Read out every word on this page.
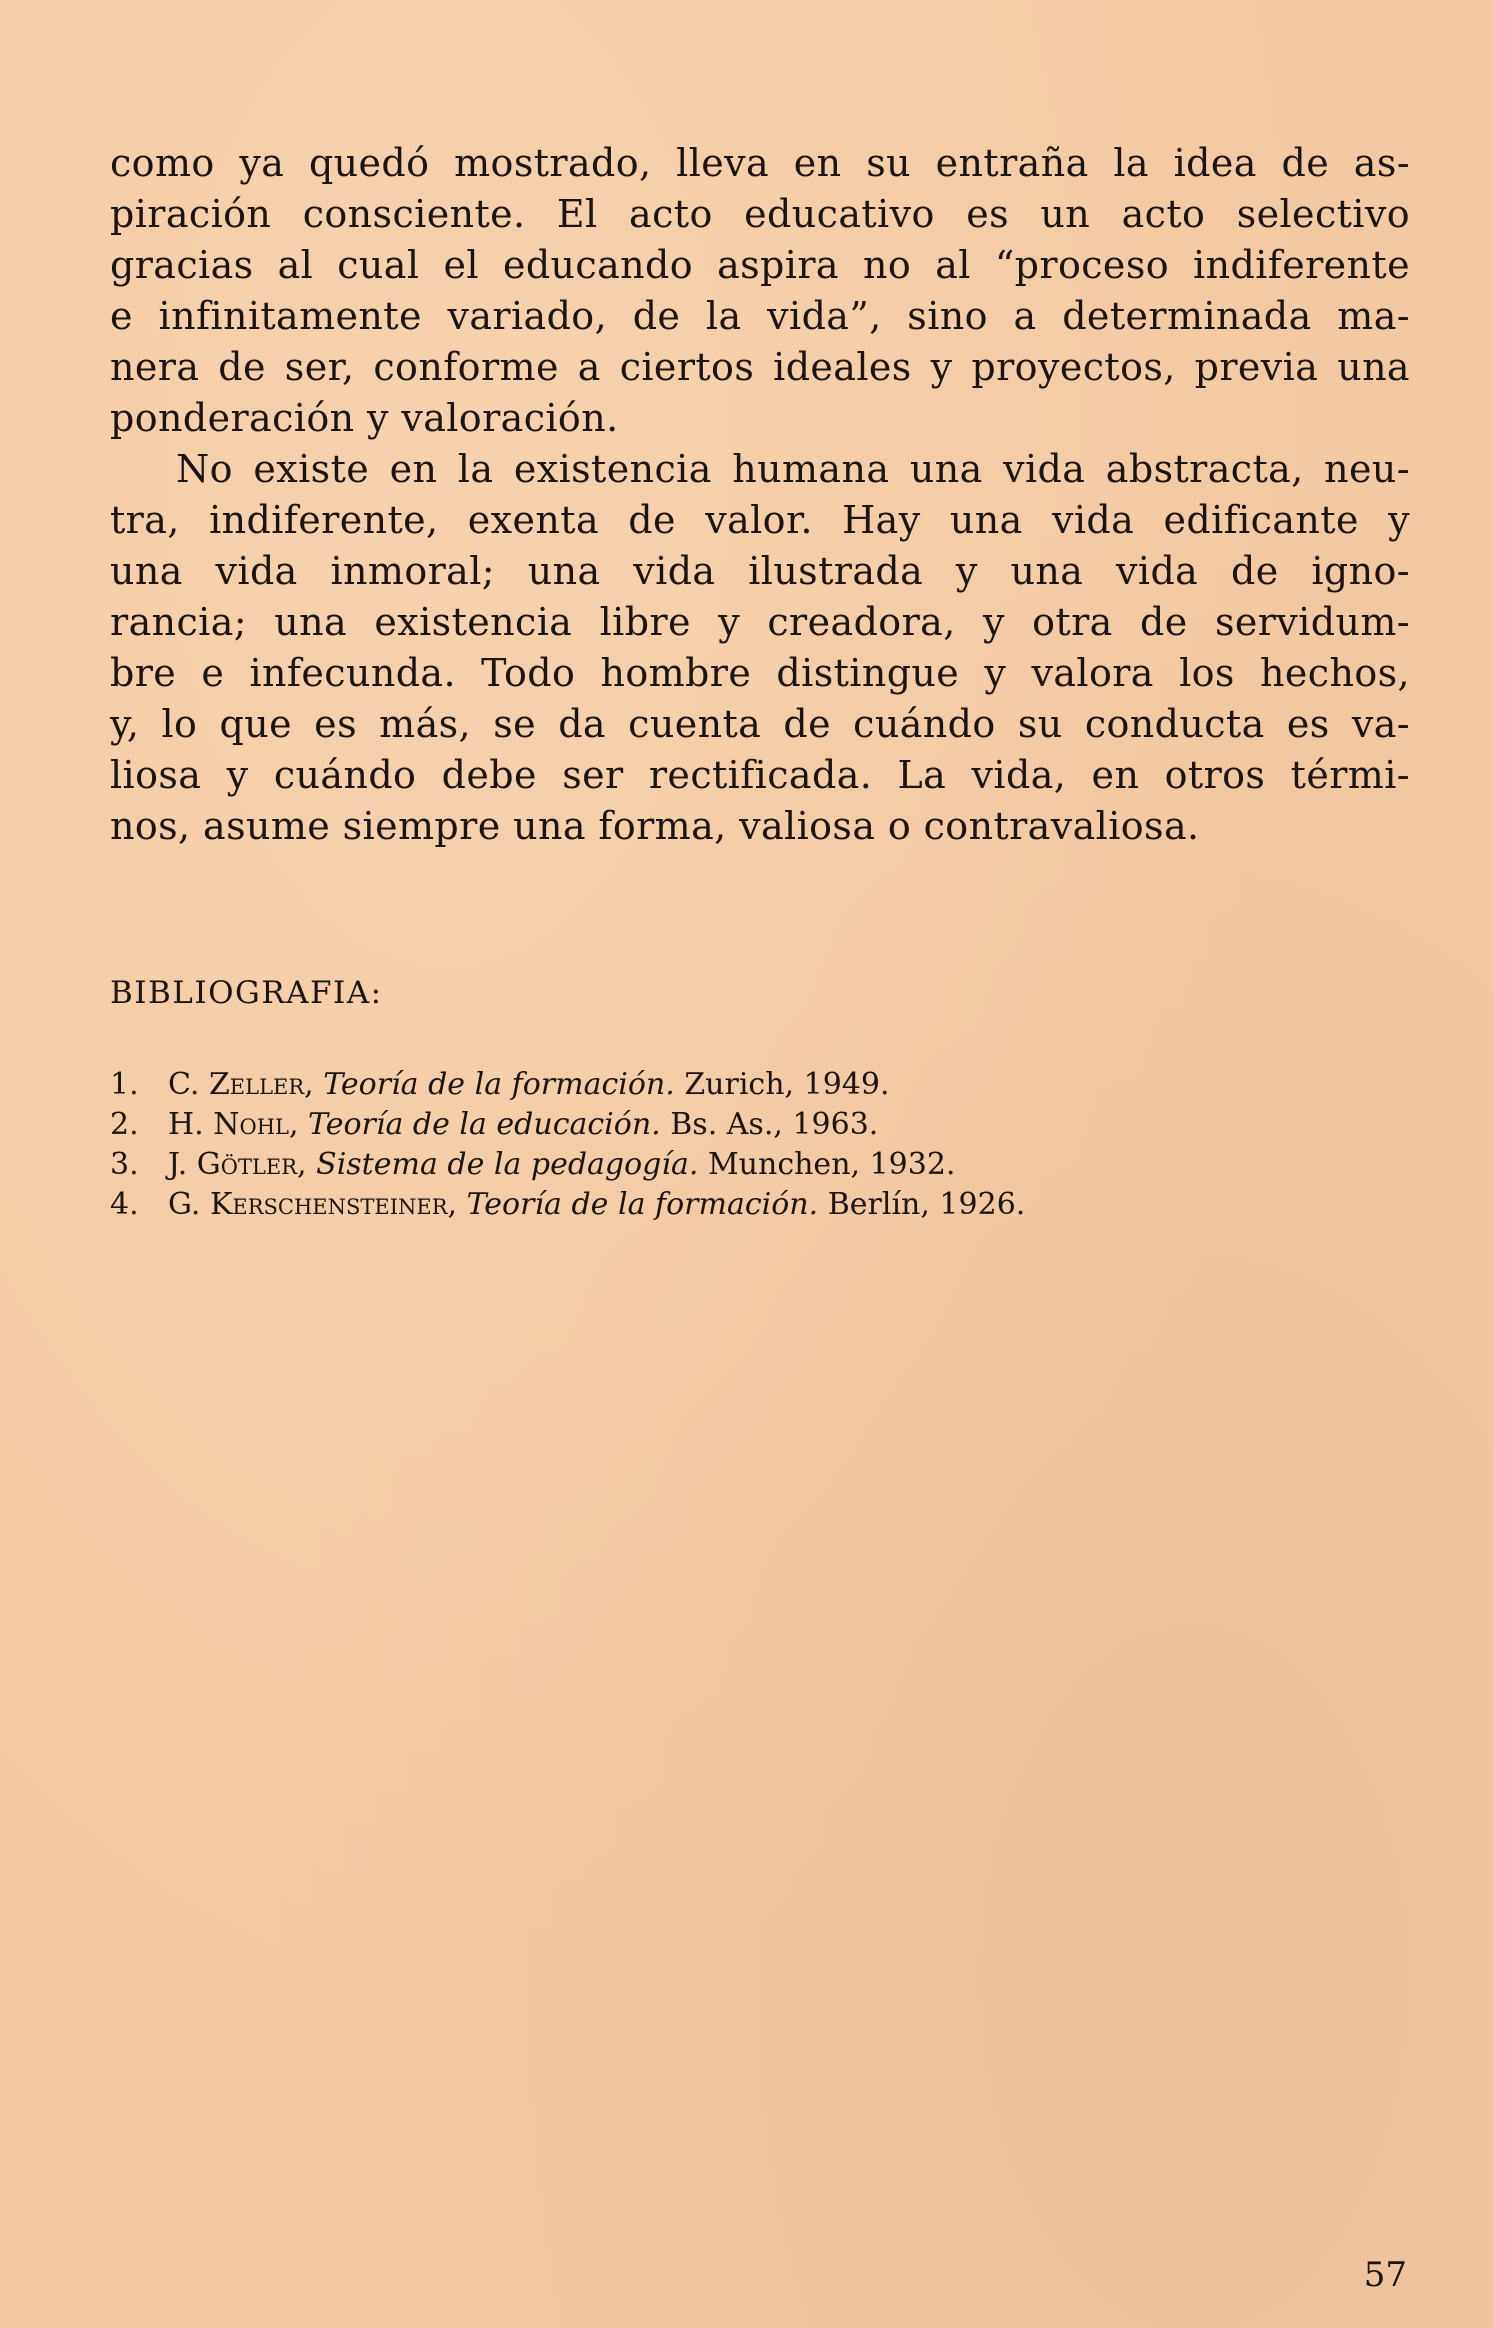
como ya quedó mostrado, lleva en su entraña la idea de as-
piración consciente. El acto educativo es un acto selectivo
gracias al cual el educando aspira no al “proceso indiferente
e infinitamente variado, de la vida”, sino a determinada ma-
nera de ser, conforme a ciertos ideales y proyectos, previa una
ponderación y valoración.

No existe en la existencia humana una vida abstracta, neu-
tra, indiferente, exenta de valor. Hay una vida edificante y
una vida inmoral; una vida ilustrada y una vida de igno-
rancia; una existencia libre y creadora, y otra de servidum-
bre e infecunda. Todo hombre distingue y valora los hechos,
y, lo que es más, se da cuenta de cuándo su conducta es va-
liosa y cuándo debe ser rectificada. La vida, en otros térmi-
nos, asume siempre una forma, valiosa o contravaliosa.

BIBLIOGRAFIA:

1. C. Zeller, Teoría de la formación. Zurich, 1949.
2. H. Nohl, Teoría de la educación. Bs. As., 1963.
3. J. Götler, Sistema de la pedagogía. Munchen, 1932.
4. G. Kerschensteiner, Teoría de la formación. Berlín, 1926.

57
